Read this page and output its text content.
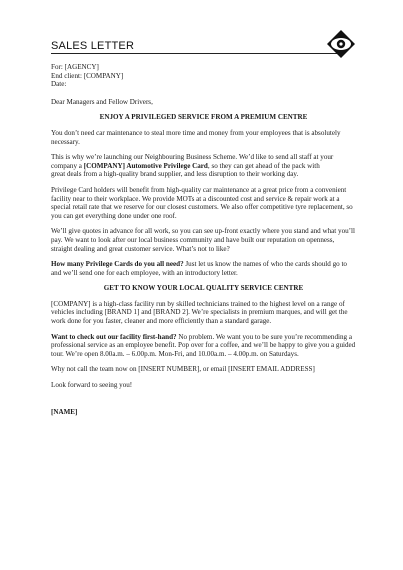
SALES LETTER

For: [AGENCY]

End client: [COMPANY]

Date:

Dear Managers and Fellow Drivers,

ENJOY A PRIVILEGED SERVICE FROM A PREMIUM CENTRE

You don’t need car maintenance to steal more time and money from your employees that is absolutely necessary.

This is why we’re launching our Neighbouring Business Scheme. We’d like to send all staff at your company a [COMPANY] Automotive Privilege Card, so they can get ahead of the pack with
great deals from a high-quality brand supplier, and less disruption to their working day.

Privilege Card holders will benefit from high-quality car maintenance at a great price from a convenient facility near to their workplace. We provide MOTs at a discounted cost and service & repair work at a special retail rate that we reserve for our closest customers. We also offer competitive tyre replacement, so you can get everything done under one roof.

We’ll give quotes in advance for all work, so you can see up-front exactly where you stand and what you’ll pay. We want to look after our local business community and have built our reputation on openness, straight dealing and great customer service. What’s not to like?

How many Privilege Cards do you all need? Just let us know the names of who the cards should go to and we’ll send one for each employee, with an introductory letter.

GET TO KNOW YOUR LOCAL QUALITY SERVICE CENTRE

[COMPANY] is a high-class facility run by skilled technicians trained to the highest level on a range of vehicles including [BRAND 1] and [BRAND 2]. We’re specialists in premium marques, and will get the work done for you faster, cleaner and more efficiently than a standard garage.

Want to check out our facility first-hand? No problem. We want you to be sure you’re recommending a professional service as an employee benefit. Pop over for a coffee, and we’ll be happy to give you a guided tour. We’re open 8.00a.m. – 6.00p.m. Mon-Fri, and 10.00a.m. – 4.00p.m. on Saturdays.

Why not call the team now on [INSERT NUMBER], or email [INSERT EMAIL ADDRESS]

Look forward to seeing you!

[NAME]
